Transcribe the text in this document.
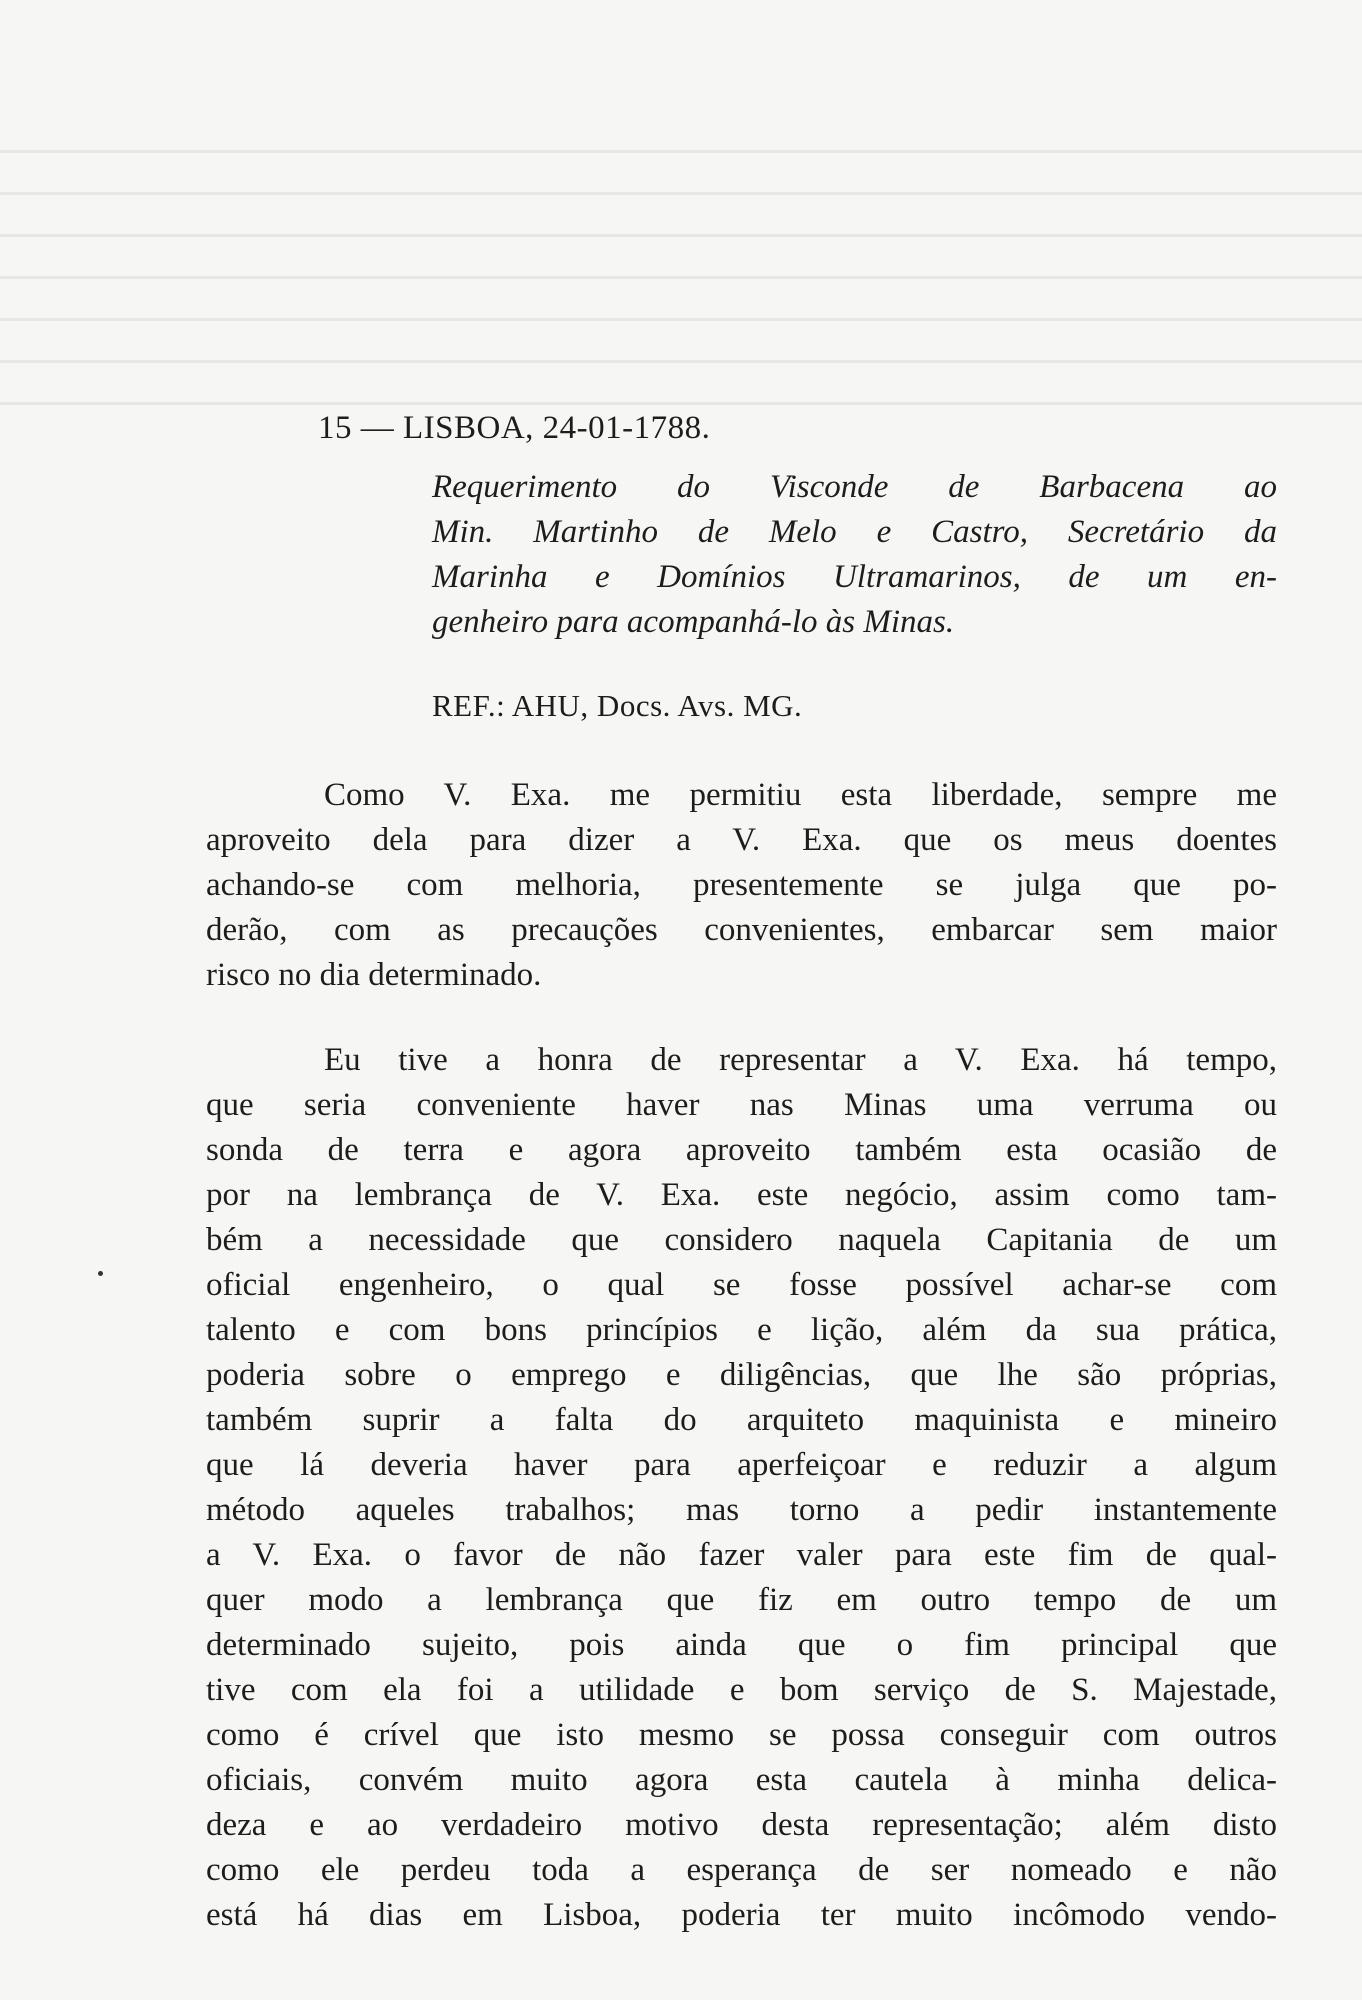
15 — LISBOA, 24-01-1788.
Requerimento do Visconde de Barbacena ao
Min. Martinho de Melo e Castro, Secretário da
Marinha e Domínios Ultramarinos, de um en-
genheiro para acompanhá-lo às Minas.
REF.: AHU, Docs. Avs. MG.
Como V. Exa. me permitiu esta liberdade, sempre me
aproveito dela para dizer a V. Exa. que os meus doentes
achando-se com melhoria, presentemente se julga que po-
derão, com as precauções convenientes, embarcar sem maior
risco no dia determinado.
Eu tive a honra de representar a V. Exa. há tempo,
que seria conveniente haver nas Minas uma verruma ou
sonda de terra e agora aproveito também esta ocasião de
por na lembrança de V. Exa. este negócio, assim como tam-
bém a necessidade que considero naquela Capitania de um
oficial engenheiro, o qual se fosse possível achar-se com
talento e com bons princípios e lição, além da sua prática,
poderia sobre o emprego e diligências, que lhe são próprias,
também suprir a falta do arquiteto maquinista e mineiro
que lá deveria haver para aperfeiçoar e reduzir a algum
método aqueles trabalhos; mas torno a pedir instantemente
a V. Exa. o favor de não fazer valer para este fim de qual-
quer modo a lembrança que fiz em outro tempo de um
determinado sujeito, pois ainda que o fim principal que
tive com ela foi a utilidade e bom serviço de S. Majestade,
como é crível que isto mesmo se possa conseguir com outros
oficiais, convém muito agora esta cautela à minha delica-
deza e ao verdadeiro motivo desta representação; além disto
como ele perdeu toda a esperança de ser nomeado e não
está há dias em Lisboa, poderia ter muito incômodo vendo-
